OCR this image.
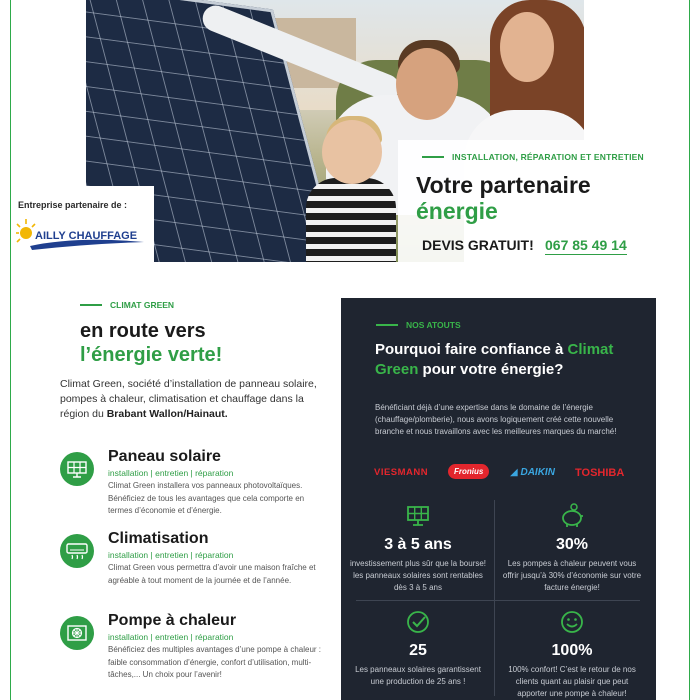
INSTALLATION, RÉPARATION ET ENTRETIEN
Votre partenaire
énergie
DEVIS GRATUIT! 067 85 49 14
Entreprise partenaire de :
AILLY CHAUFFAGE
CLIMAT GREEN
en route vers
l’énergie verte!
Climat Green, société d’installation de panneau solaire, pompes à chaleur, climatisation et chauffage dans la région du Brabant Wallon/Hainaut.
Paneau solaire
installation | entretien | réparation
Climat Green installera vos panneaux photovoltaïques. Bénéficiez de tous les avantages que cela comporte en termes d’économie et d’énergie.
Climatisation
installation | entretien | réparation
Climat Green vous permettra d’avoir une maison fraîche et agréable à tout moment de la journée et de l’année.
Pompe à chaleur
installation | entretien | réparation
Bénéficiez des multiples avantages d’une pompe à chaleur : faible consommation d’énergie, confort d’utilisation, multi-tâches,... Un choix pour l’avenir!
NOS ATOUTS
Pourquoi faire confiance à Climat Green pour votre énergie?
Bénéficiant déjà d’une expertise dans le domaine de l’énergie (chauffage/plomberie), nous avons logiquement créé cette nouvelle branche et nous travaillons avec les meilleures marques du marché!
VIESMANN	Fronius	◢ DAIKIN TOSHIBA
3 à 5 ans
investissement plus sûr que la bourse! les panneaux solaires sont rentables dès 3 à 5 ans
30%
Les pompes à chaleur peuvent vous offrir jusqu’à 30% d’économie sur votre facture énergie!
25
Les panneaux solaires garantissent une production de 25 ans !
100%
100% confort! C’est le retour de nos clients quant au plaisir que peut apporter une pompe à chaleur!
